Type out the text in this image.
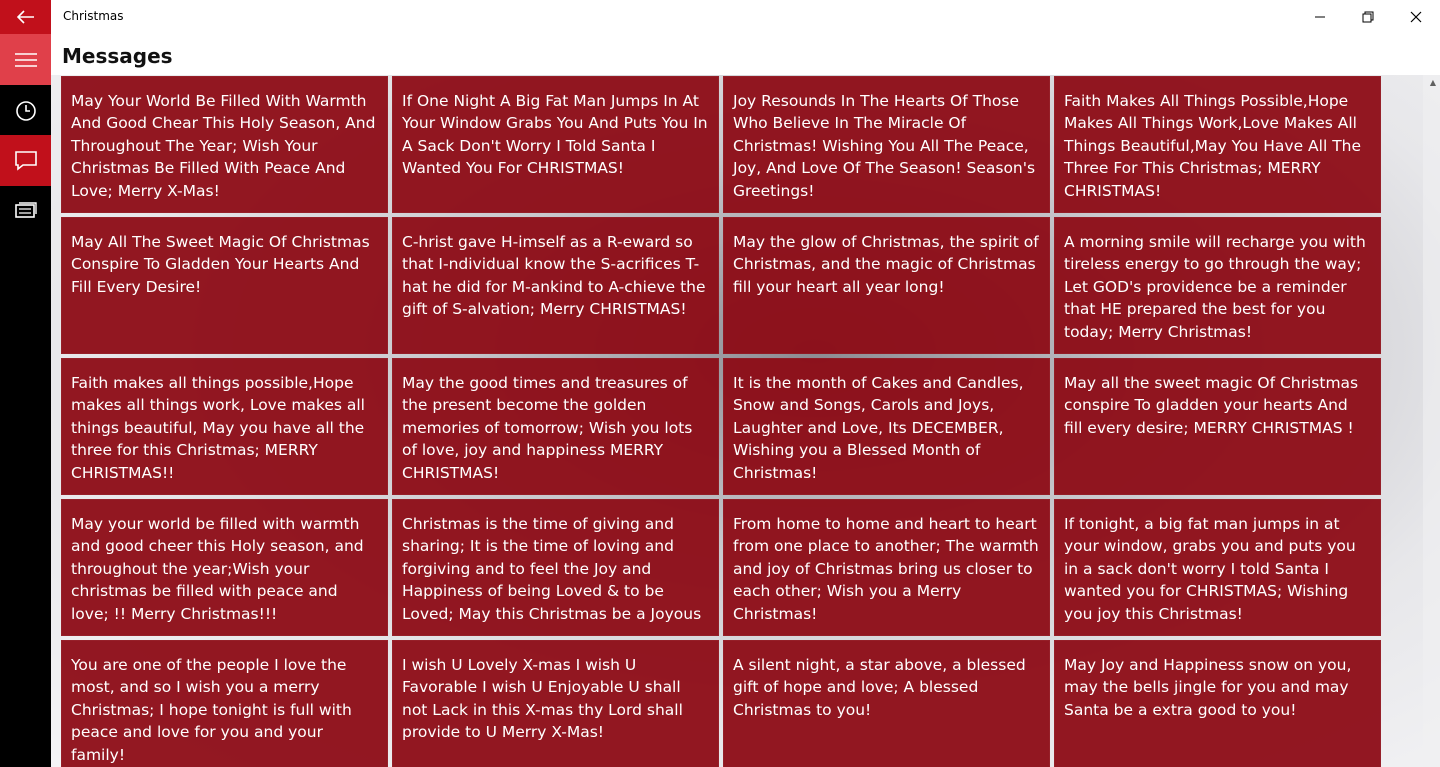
Christmas
Messages
May Your World Be Filled With Warmth And Good Chear This Holy Season, And Throughout The Year; Wish Your Christmas Be Filled With Peace And Love; Merry X-Mas!
If One Night A Big Fat Man Jumps In At Your Window Grabs You And Puts You In A Sack Don't Worry I Told Santa I Wanted You For CHRISTMAS!
Joy Resounds In The Hearts Of Those Who Believe In The Miracle Of Christmas! Wishing You All The Peace, Joy, And Love Of The Season! Season's Greetings!
Faith Makes All Things Possible,Hope Makes All Things Work,Love Makes All Things Beautiful,May You Have All The Three For This Christmas; MERRY CHRISTMAS!
May All The Sweet Magic Of Christmas Conspire To Gladden Your Hearts And Fill Every Desire!
C-hrist gave H-imself as a R-eward so that I-ndividual know the S-acrifices T-hat he did for M-ankind to A-chieve the gift of S-alvation; Merry CHRISTMAS!
May the glow of Christmas, the spirit of Christmas, and the magic of Christmas fill your heart all year long!
A morning smile will recharge you with tireless energy to go through the way; Let GOD's providence be a reminder that HE prepared the best for you today; Merry Christmas!
Faith makes all things possible,Hope makes all things work, Love makes all things beautiful, May you have all the three for this Christmas; MERRY CHRISTMAS!!
May the good times and treasures of the present become the golden memories of tomorrow; Wish you lots of love, joy and happiness MERRY CHRISTMAS!
It is the month of Cakes and Candles, Snow and Songs, Carols and Joys, Laughter and Love, Its DECEMBER, Wishing you a Blessed Month of Christmas!
May all the sweet magic Of Christmas conspire To gladden your hearts And fill every desire; MERRY CHRISTMAS !
May your world be filled with warmth and good cheer this Holy season, and throughout the year;Wish your christmas be filled with peace and love; !! Merry Christmas!!!
Christmas is the time of giving and sharing; It is the time of loving and forgiving and to feel the Joy and Happiness of being Loved & to be Loved; May this Christmas be a Joyous
From home to home and heart to heart from one place to another; The warmth and joy of Christmas bring us closer to each other; Wish you a Merry Christmas!
If tonight, a big fat man jumps in at your window, grabs you and puts you in a sack don't worry I told Santa I wanted you for CHRISTMAS; Wishing you joy this Christmas!
You are one of the people I love the most, and so I wish you a merry Christmas; I hope tonight is full with peace and love for you and your family!
I wish U Lovely X-mas I wish U Favorable I wish U Enjoyable U shall not Lack in this X-mas thy Lord shall provide to U Merry X-Mas!
A silent night, a star above, a blessed gift of hope and love; A blessed Christmas to you!
May Joy and Happiness snow on you, may the bells jingle for you and may Santa be a extra good to you!
▲
